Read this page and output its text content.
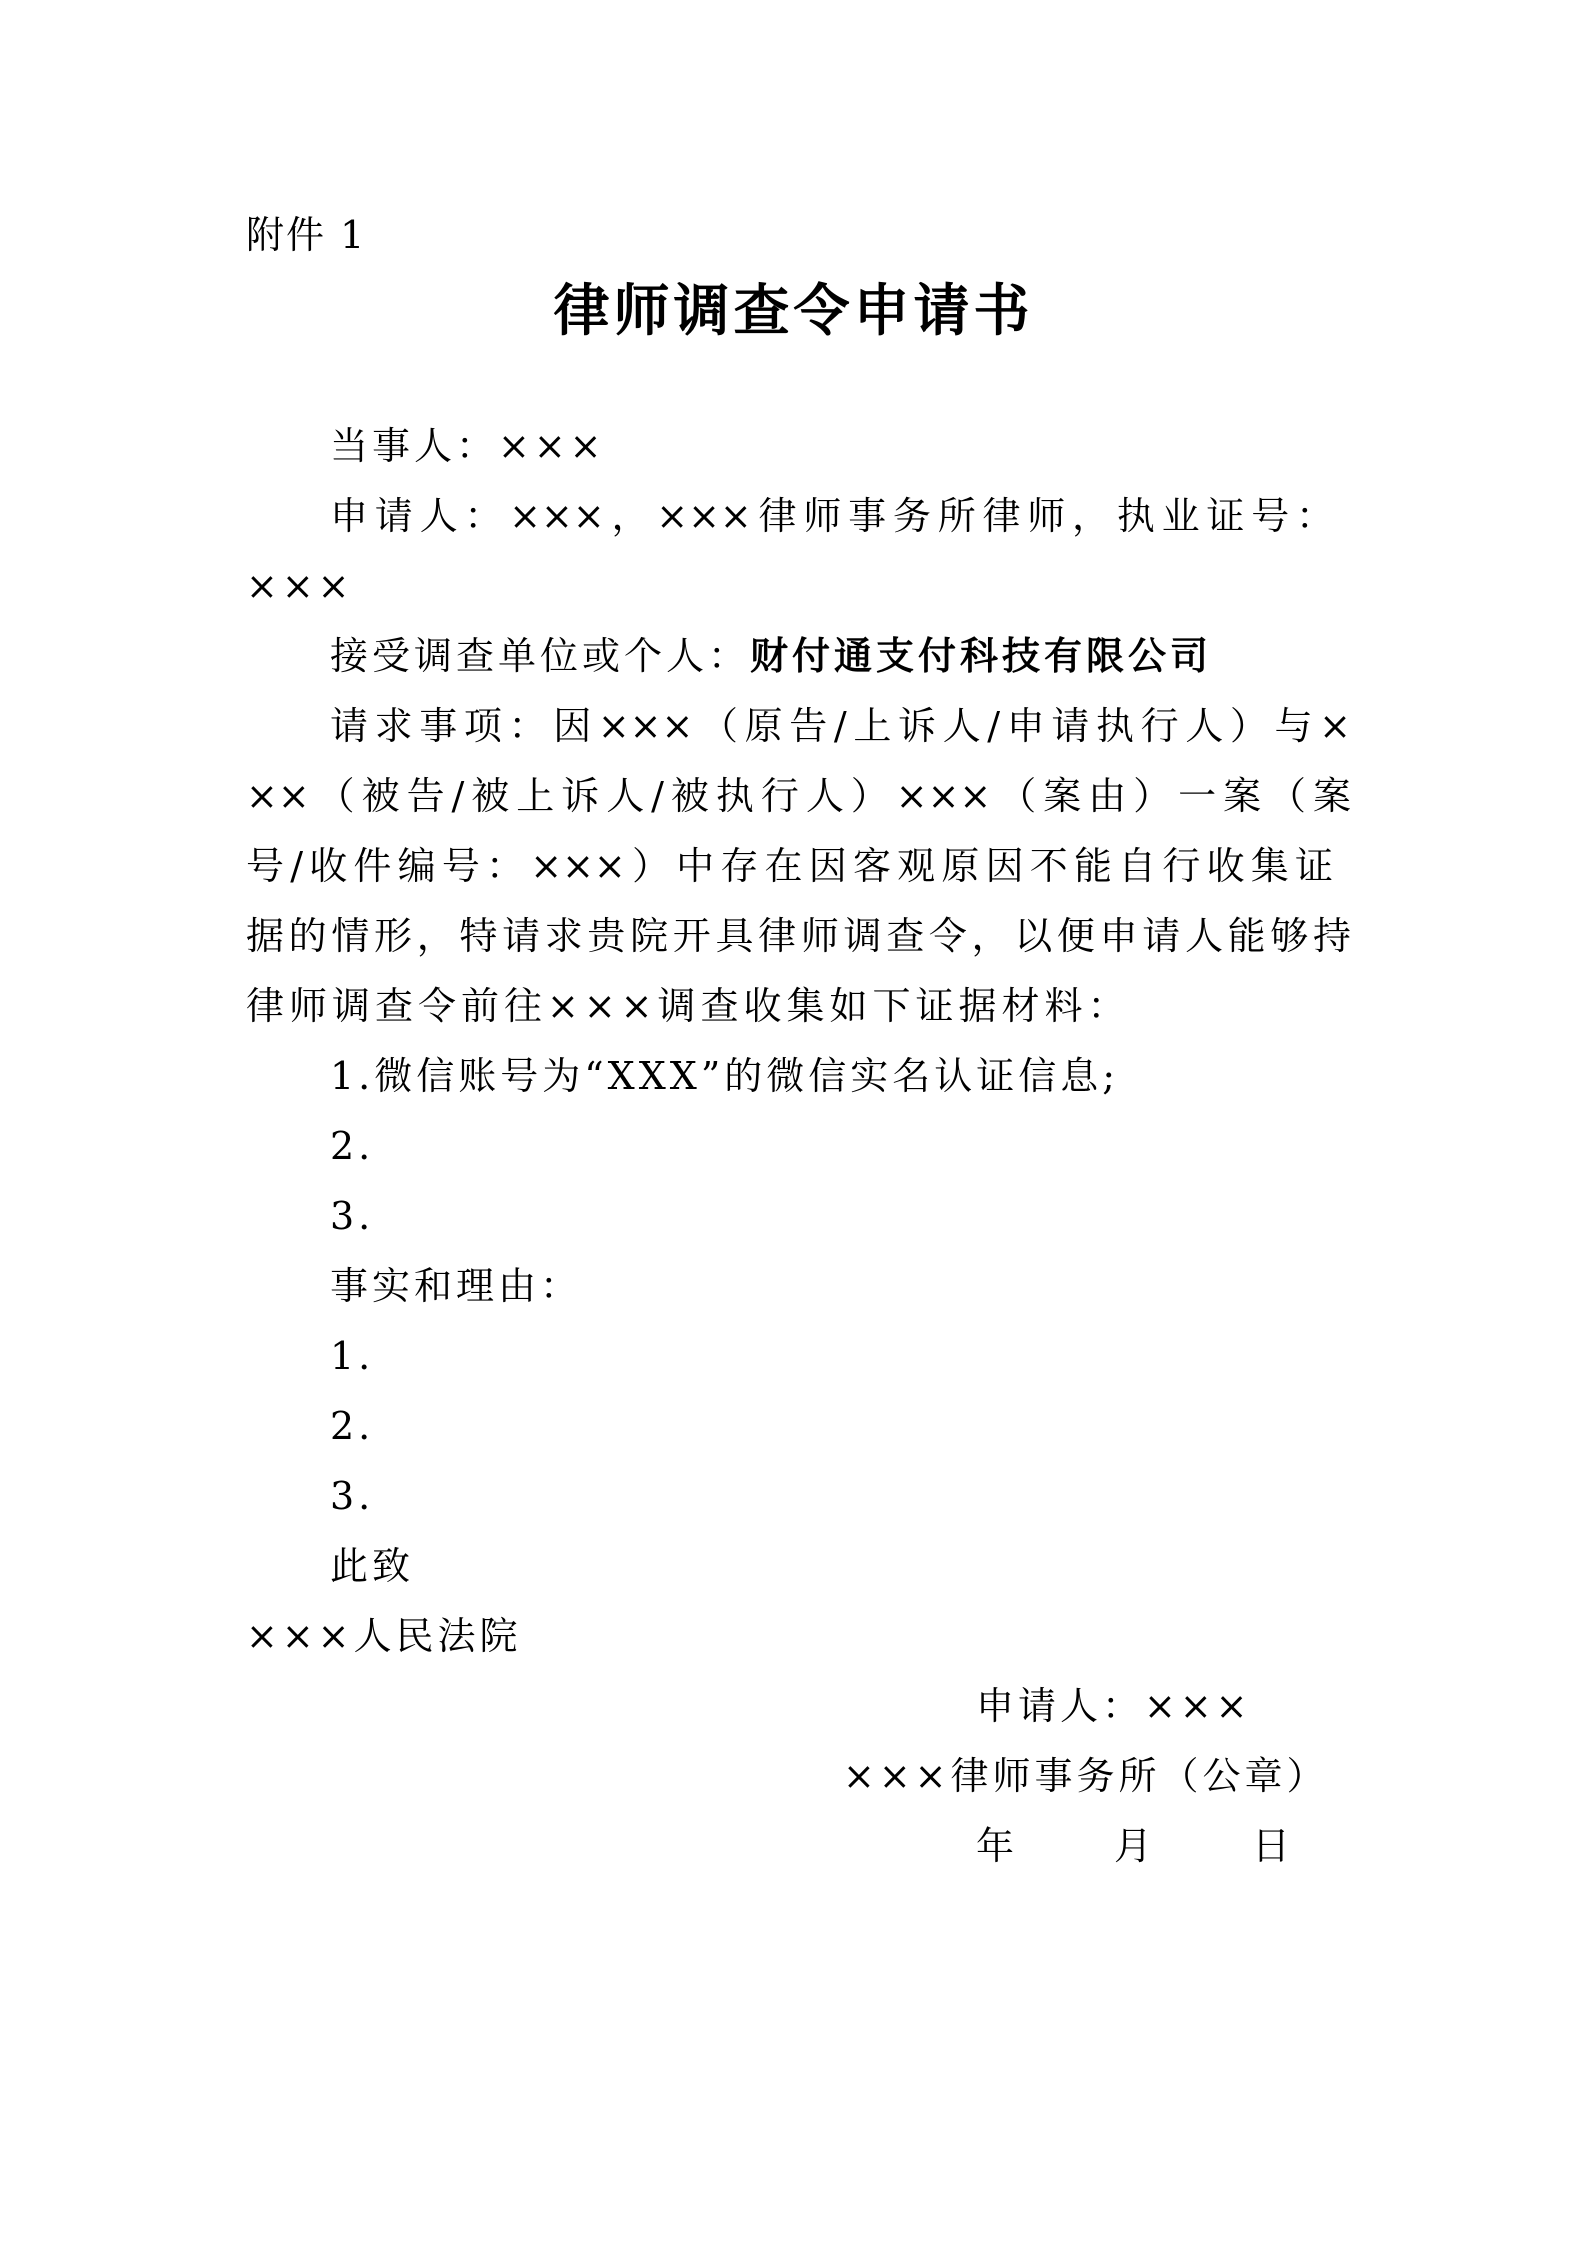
附件 1
律师调查令申请书
当事人：×××
申请人：×××，×××律师事务所律师，执业证号：
×××
接受调查单位或个人：财付通支付科技有限公司
请求事项：因×××（原告/上诉人/申请执行人）与×
××（被告/被上诉人/被执行人）×××（案由）一案（案
号/收件编号：×××）中存在因客观原因不能自行收集证
据的情形，特请求贵院开具律师调查令，以便申请人能够持
律师调查令前往×××调查收集如下证据材料：
1.微信账号为“XXX”的微信实名认证信息;
2.
3.
事实和理由：
1.
2.
3.
此致
×××人民法院
申请人：×××
×××律师事务所（公章）
年　　月　　日
